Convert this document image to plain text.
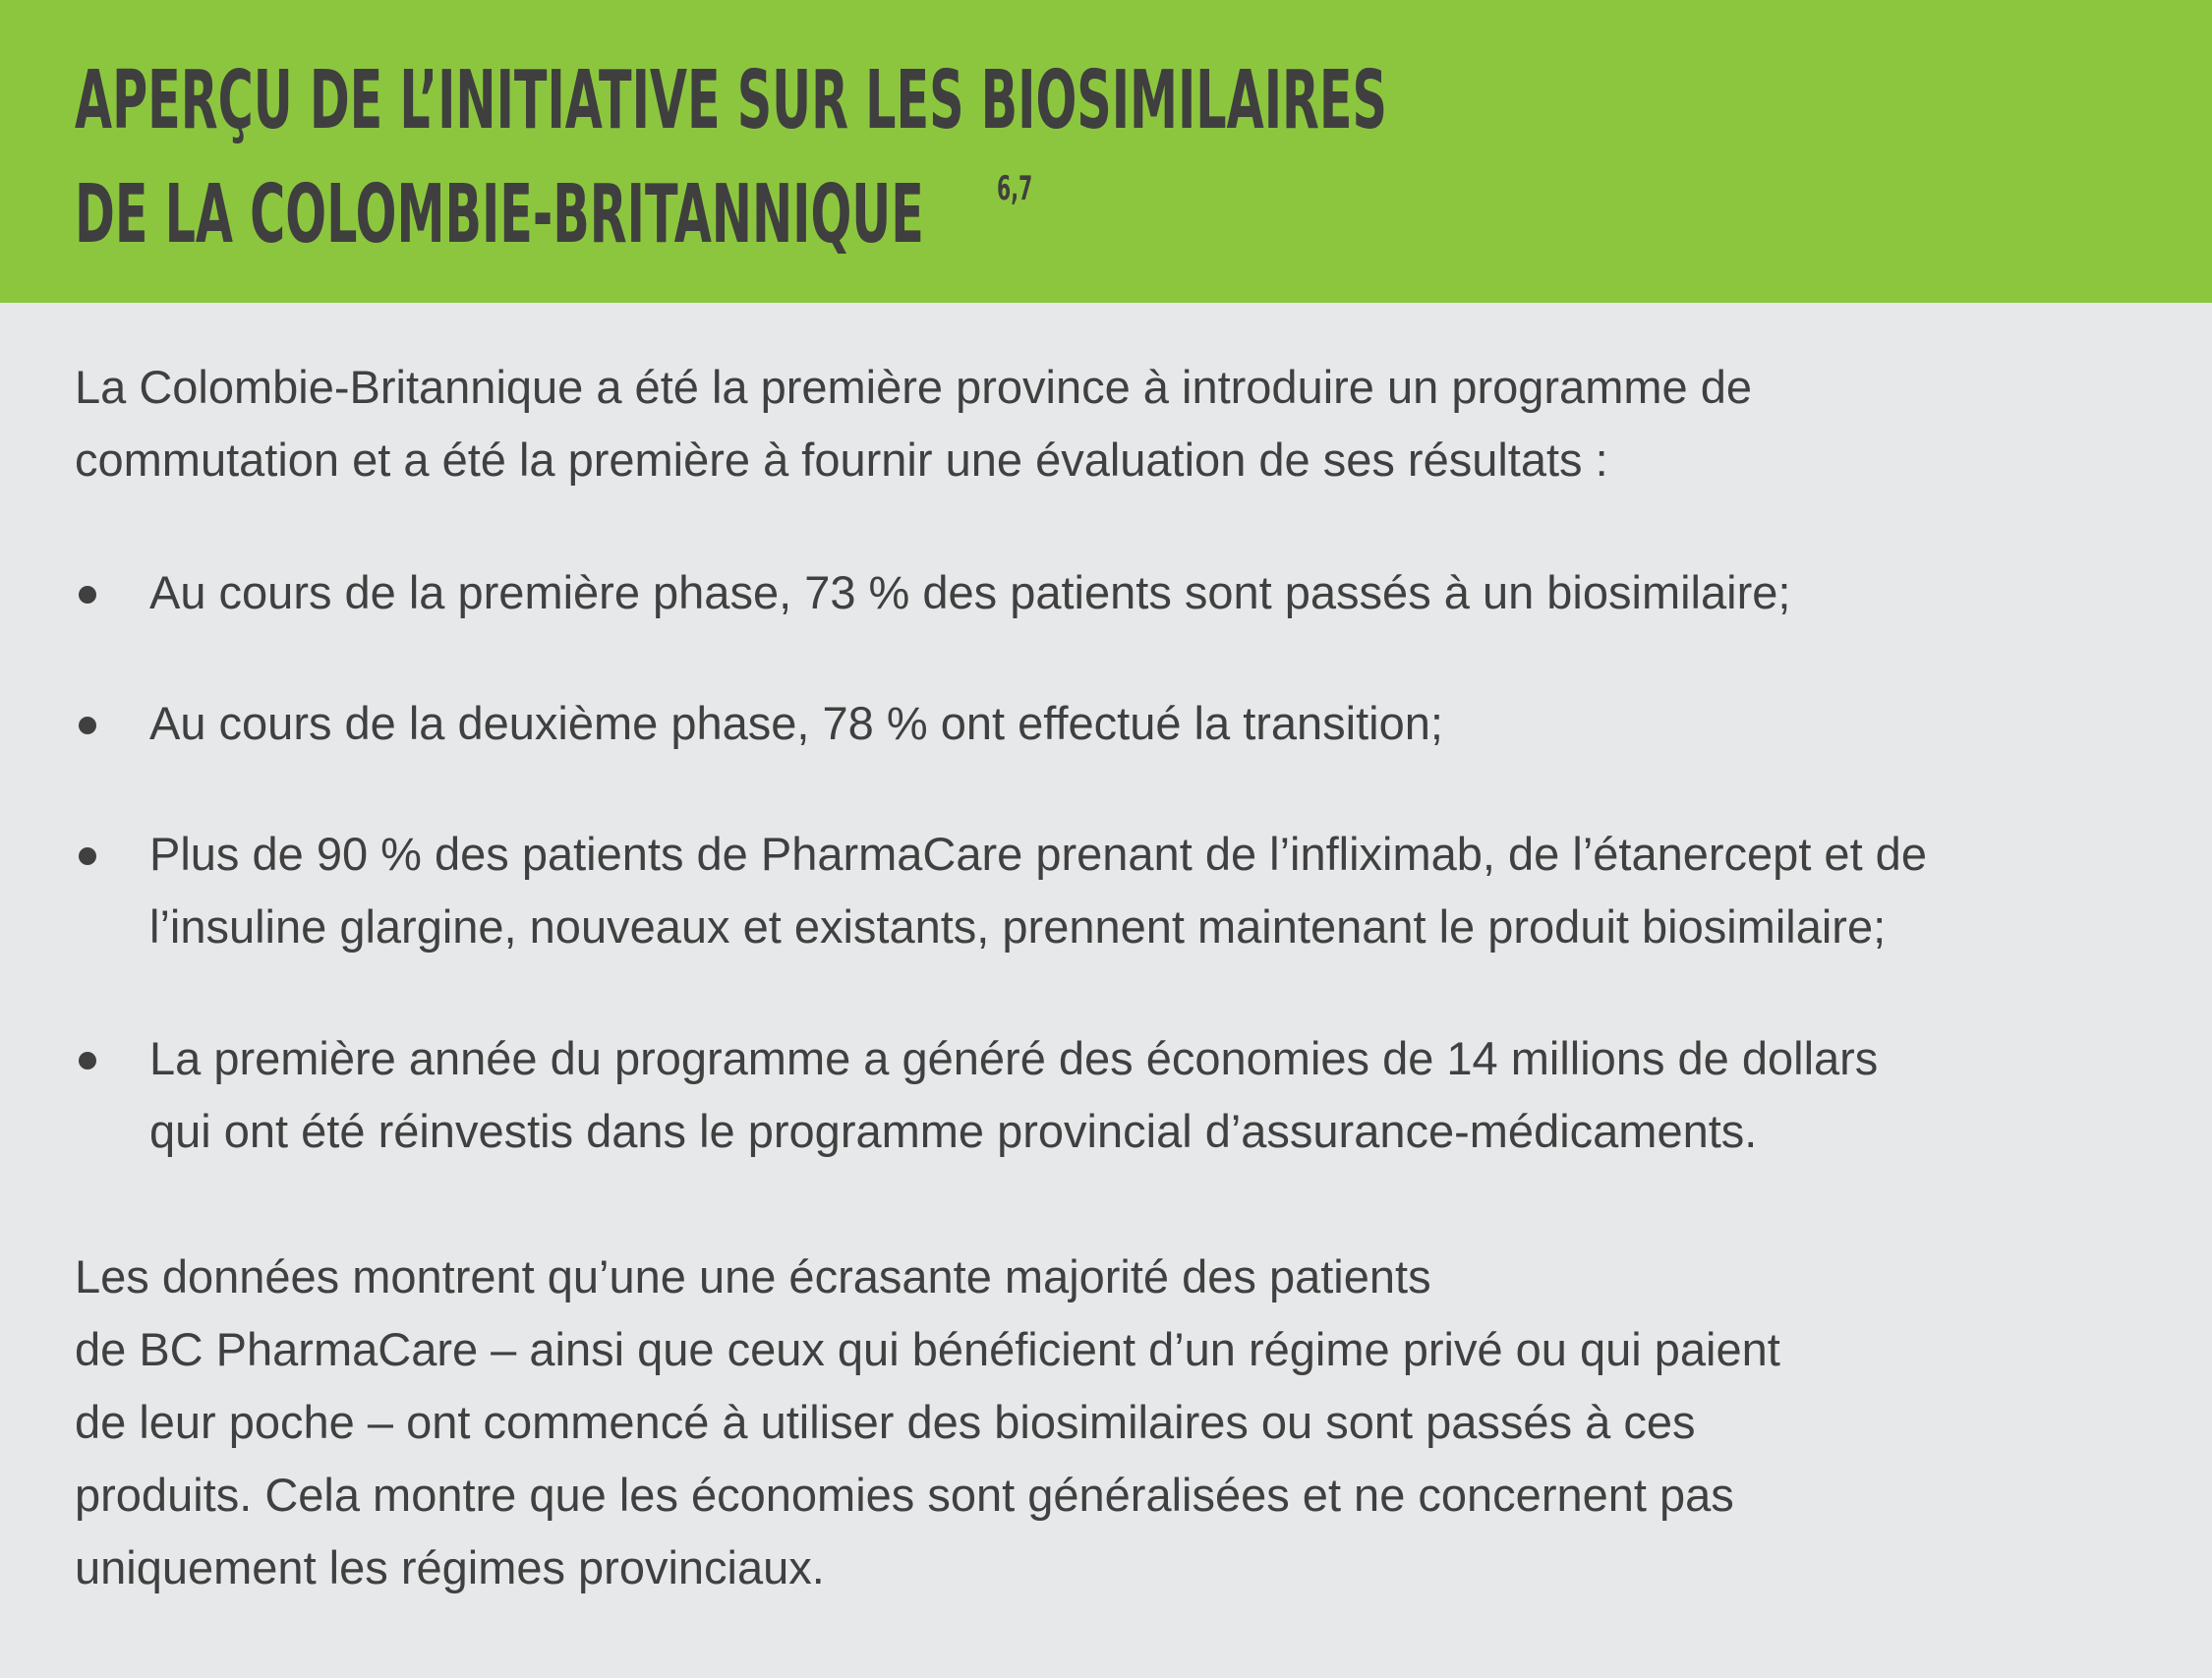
APERÇU DE L’INITIATIVE SUR LES BIOSIMILAIRES
DE LA COLOMBIE-BRITANNIQUE 6,7

La Colombie-Britannique a été la première province à introduire un programme de
commutation et a été la première à fournir une évaluation de ses résultats :

Au cours de la première phase, 73 % des patients sont passés à un biosimilaire;

Au cours de la deuxième phase, 78 % ont effectué la transition;

Plus de 90 % des patients de PharmaCare prenant de l’infliximab, de l’étanercept et de
l’insuline glargine, nouveaux et existants, prennent maintenant le produit biosimilaire;

La première année du programme a généré des économies de 14 millions de dollars
qui ont été réinvestis dans le programme provincial d’assurance-médicaments.

Les données montrent qu’une une écrasante majorité des patients
de BC PharmaCare – ainsi que ceux qui bénéficient d’un régime privé ou qui paient
de leur poche – ont commencé à utiliser des biosimilaires ou sont passés à ces
produits. Cela montre que les économies sont généralisées et ne concernent pas
uniquement les régimes provinciaux.
